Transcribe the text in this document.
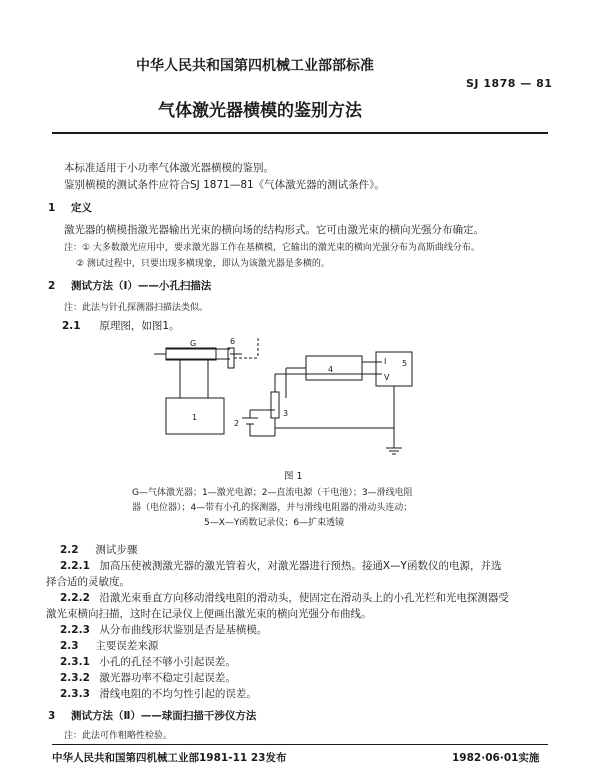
中华人民共和国第四机械工业部部标准
SJ 1878 — 81
气体激光器横模的鉴别方法
本标准适用于小功率气体激光器横模的鉴别。
鉴别横模的测试条件应符合SJ 1871—81《气体激光器的测试条件》。
1 定义
激光器的横模指激光器输出光束的横向场的结构形式。它可由激光束的横向光强分布确定。
注：① 大多数激光应用中，要求激光器工作在基横模，它输出的激光束的横向光强分布为高斯曲线分布。
② 测试过程中，只要出现多横现象，即认为该激光器是多横的。
2 测试方法（Ⅰ）——小孔扫描法
注：此法与针孔探测器扫描法类似。
2.1 原理图，如图1。
G
1
2
3
4
5
6
I
V
图 1
G—气体激光器；1—激光电源；2—直流电源（干电池）；3—滑线电阻
器（电位器）；4—带有小孔的探测器，并与滑线电阻器的滑动头连动；
5—X—Y函数记录仪；6—扩束透镜
2.2 测试步骤
2.2.1 加高压使被测激光器的激光管着火，对激光器进行预热。接通X—Y函数仪的电源，并选
择合适的灵敏度。
2.2.2 沿激光束垂直方向移动滑线电阻的滑动头，使固定在滑动头上的小孔光栏和光电探测器受
激光束横向扫描，这时在记录仪上便画出激光束的横向光强分布曲线。
2.2.3 从分布曲线形状鉴别是否是基横模。
2.3 主要误差来源
2.3.1 小孔的孔径不够小引起误差。
2.3.2 激光器功率不稳定引起误差。
2.3.3 滑线电阻的不均匀性引起的误差。
3 测试方法（Ⅱ）——球面扫描干涉仪方法
注：此法可作粗略性检验。
中华人民共和国第四机械工业部1981-11 23发布	1982·06·01实施
